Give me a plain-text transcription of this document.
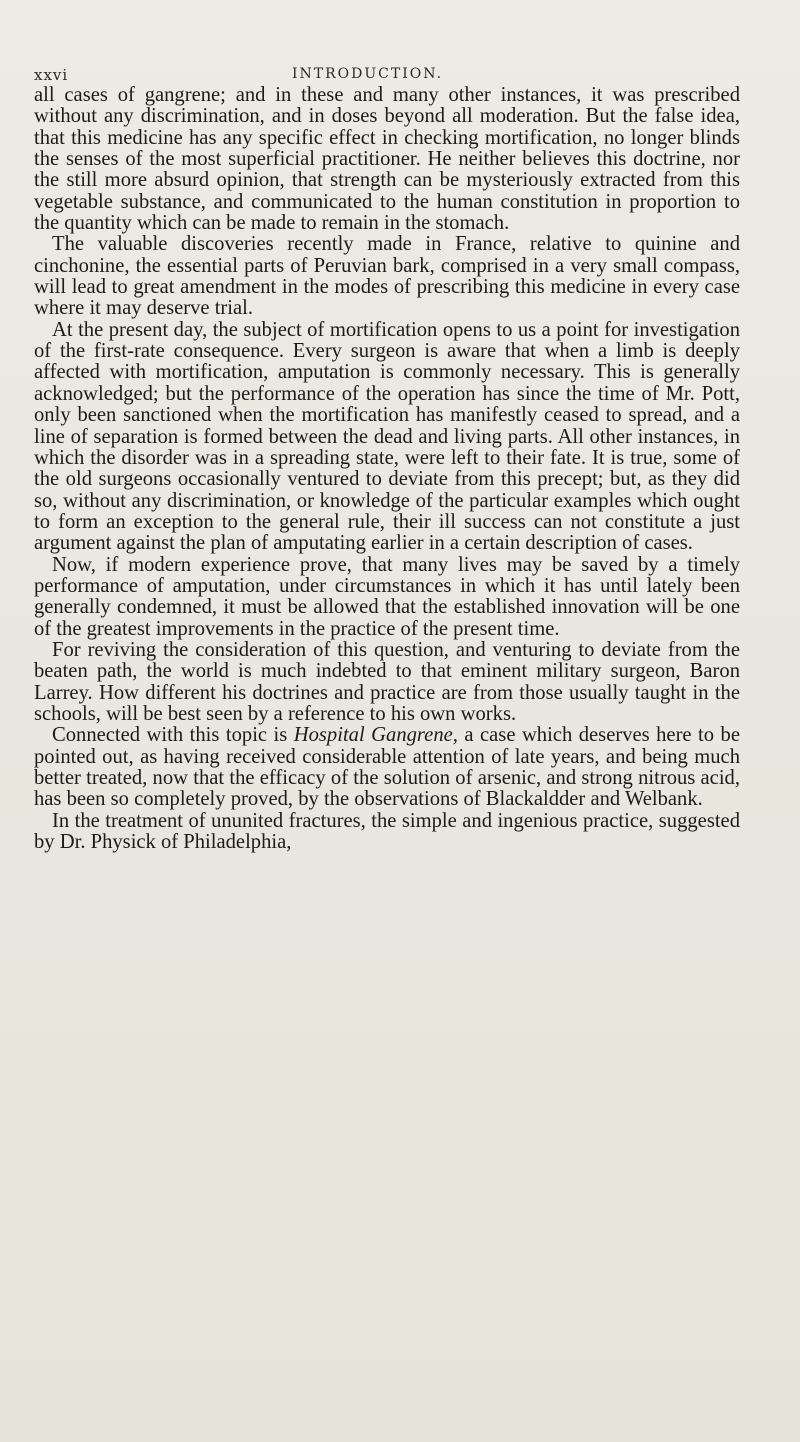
xxvi	INTRODUCTION.

all cases of gangrene; and in these and many other instances, it was prescribed without any discrimination, and in doses beyond all moderation. But the false idea, that this medicine has any specific effect in checking mortification, no longer blinds the senses of the most superficial practitioner. He neither believes this doctrine, nor the still more absurd opinion, that strength can be mysteriously extracted from this vegetable substance, and communicated to the human constitution in proportion to the quantity which can be made to remain in the stomach.

The valuable discoveries recently made in France, relative to quinine and cinchonine, the essential parts of Peruvian bark, comprised in a very small compass, will lead to great amendment in the modes of prescribing this medicine in every case where it may deserve trial.

At the present day, the subject of mortification opens to us a point for investigation of the first-rate consequence. Every surgeon is aware that when a limb is deeply affected with mortification, amputation is commonly necessary. This is generally acknowledged; but the performance of the operation has since the time of Mr. Pott, only been sanctioned when the mortification has manifestly ceased to spread, and a line of separation is formed between the dead and living parts. All other instances, in which the disorder was in a spreading state, were left to their fate. It is true, some of the old surgeons occasionally ventured to deviate from this precept; but, as they did so, without any discrimination, or knowledge of the particular examples which ought to form an exception to the general rule, their ill success can not constitute a just argument against the plan of amputating earlier in a certain description of cases.

Now, if modern experience prove, that many lives may be saved by a timely performance of amputation, under circumstances in which it has until lately been generally condemned, it must be allowed that the established innovation will be one of the greatest improvements in the practice of the present time.

For reviving the consideration of this question, and venturing to deviate from the beaten path, the world is much indebted to that eminent military surgeon, Baron Larrey. How different his doctrines and practice are from those usually taught in the schools, will be best seen by a reference to his own works.

Connected with this topic is Hospital Gangrene, a case which deserves here to be pointed out, as having received considerable attention of late years, and being much better treated, now that the efficacy of the solution of arsenic, and strong nitrous acid, has been so completely proved, by the observations of Blackaldder and Welbank.

In the treatment of ununited fractures, the simple and ingenious practice, suggested by Dr. Physick of Philadelphia,
